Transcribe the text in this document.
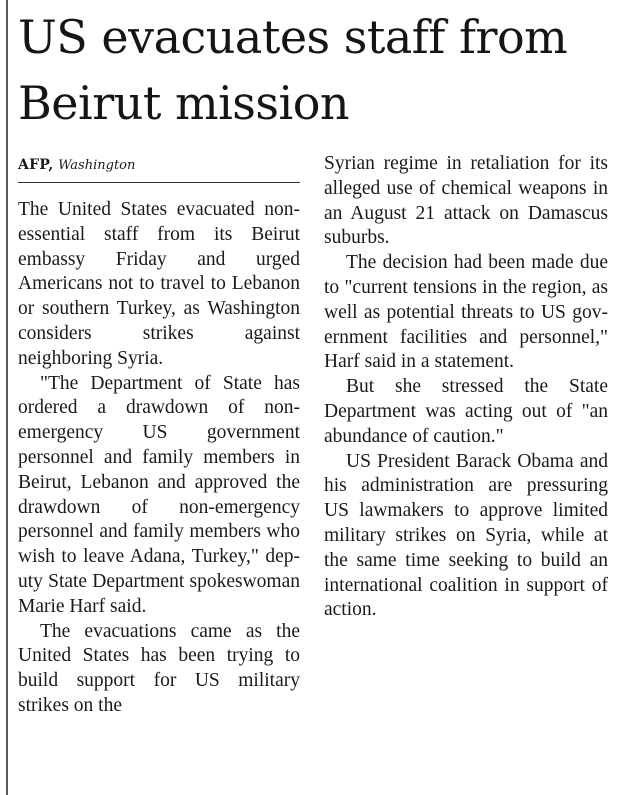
US evacuates staff from Beirut mission
AFP, Washington

The United States evacuated non-essential staff from its Beirut embassy Friday and urged Americans not to travel to Lebanon or southern Turkey, as Washington considers strikes against neighboring Syria.

"The Department of State has ordered a drawdown of non-emergency US government personnel and family members in Beirut, Lebanon and approved the drawdown of non-emergency personnel and family members who wish to leave Adana, Turkey," deputy State Department spokeswoman Marie Harf said.

The evacuations came as the United States has been trying to build support for US military strikes on the

Syrian regime in retaliation for its alleged use of chemical weapons in an August 21 attack on Damascus suburbs.

The decision had been made due to "current tensions in the region, as well as potential threats to US government facilities and personnel," Harf said in a statement.

But she stressed the State Department was acting out of "an abundance of caution."

US President Barack Obama and his administration are pressuring US lawmakers to approve limited military strikes on Syria, while at the same time seeking to build an international coalition in support of action.
